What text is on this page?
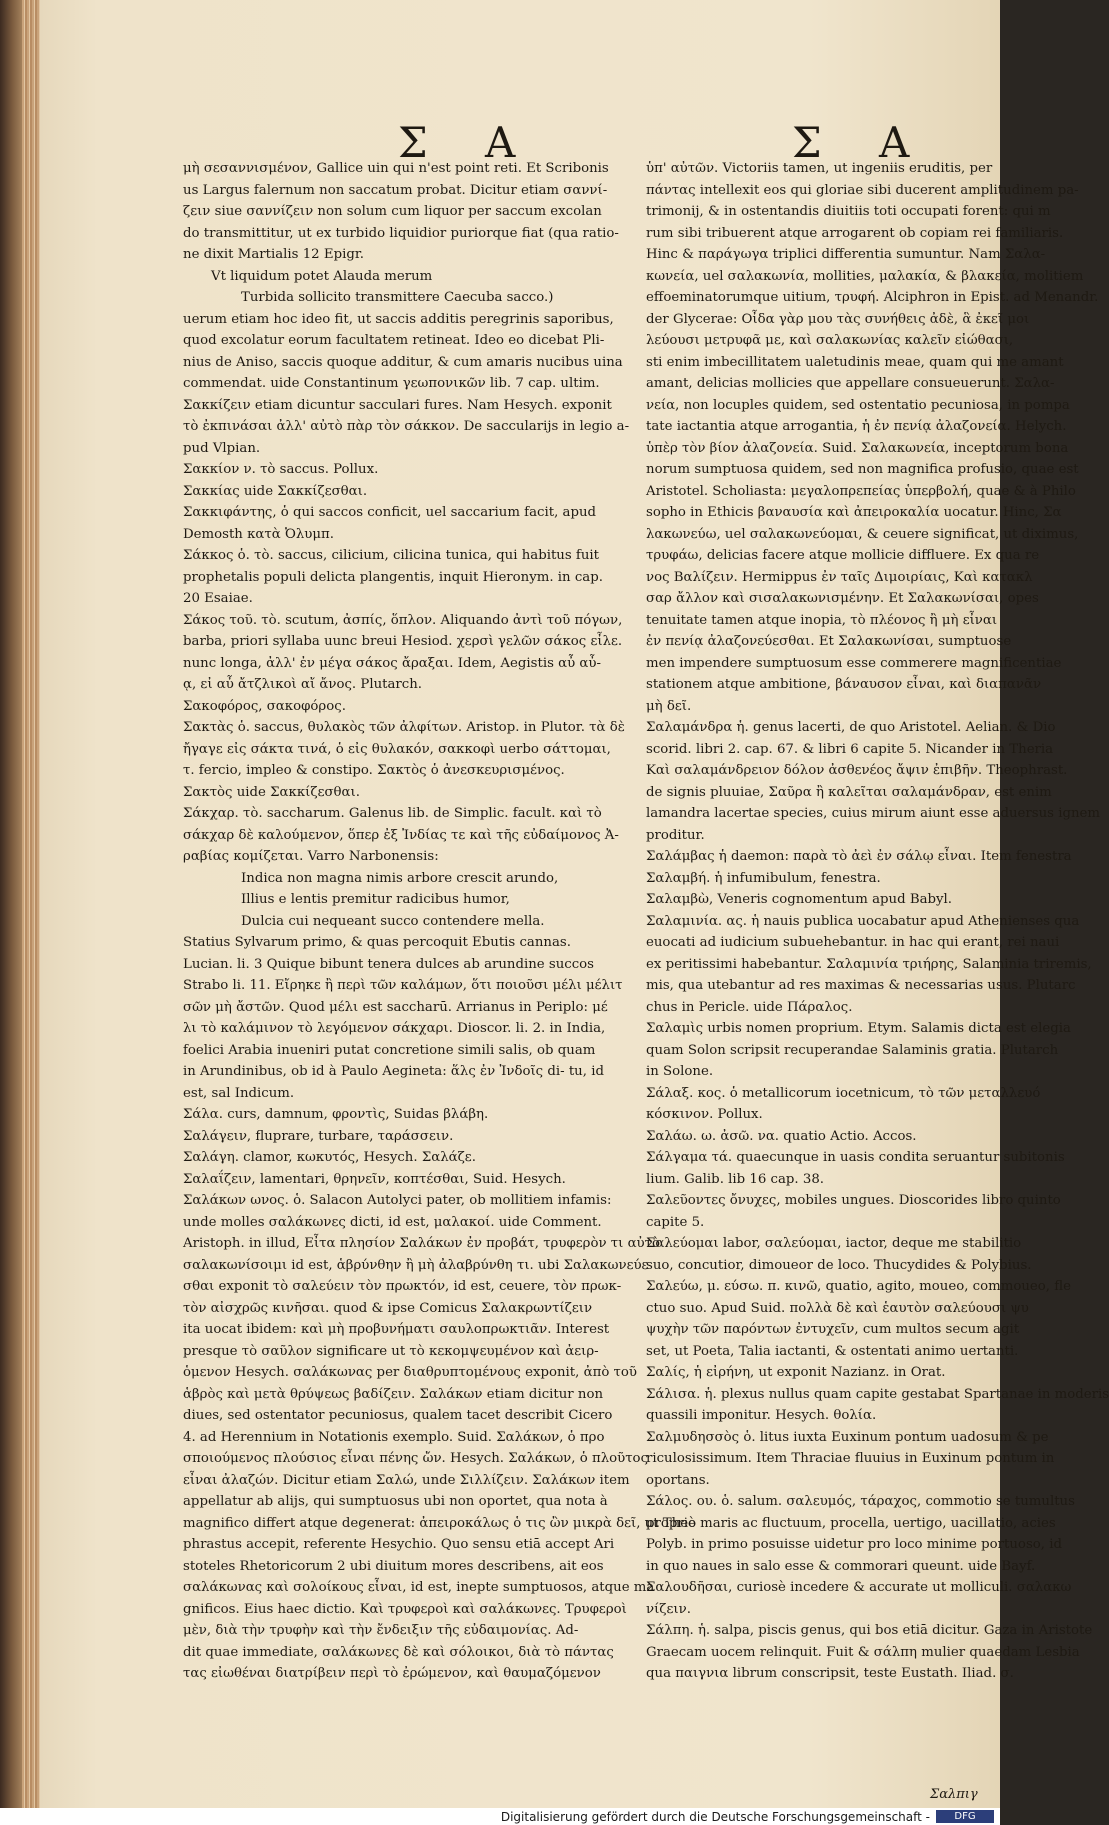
Σ Α	Σ Α

μὴ σεσαννισμένον, Gallice uin qui n'est point reti. Et Scribonis

us Largus falernum non saccatum probat. Dicitur etiam σαννί-

ζειν siue σαννίζειν non solum cum liquor per saccum excolan

do transmittitur, ut ex turbido liquidior puriorque fiat (qua ratio-

ne dixit Martialis 12 Epigr.

Vt liquidum potet Alauda merum

Turbida sollicito transmittere Caecuba sacco.)

uerum etiam hoc ideo fit, ut saccis additis peregrinis saporibus,

quod excolatur eorum facultatem retineat. Ideo eo dicebat Pli-

nius de Aniso, saccis quoque additur, & cum amaris nucibus uina

commendat. uide Constantinum γεωπονικῶν lib. 7 cap. ultim.

Σακκίζειν etiam dicuntur sacculari fures. Nam Hesych. exponit

τὸ ἐκπινάσαι ἀλλ' αὐτὸ πὰρ τὸν σάκκον. De saccularijs in legio a-

pud Vlpian.

Σακκίον ν. τὸ saccus. Pollux.

Σακκίας uide Σακκίζεσθαι.

Σακκιφάντης, ὁ qui saccos conficit, uel saccarium facit, apud

Demosth κατὰ Ὀλυμπ.

Σάκκος ὁ. τὸ. saccus, cilicium, cilicina tunica, qui habitus fuit

prophetalis populi delicta plangentis, inquit Hieronym. in cap.

20 Esaiae.

Σάκος τοῦ. τὸ. scutum, ἀσπίς, ὅπλον. Aliquando ἀντὶ τοῦ πόγων,

barba, priori syllaba uunc breui Hesiod. χερσὶ γελῶν σάκος εἶλε.

nunc longa, ἀλλ' ἐν μέγα σάκος ἄραξαι. Idem, Aegistis αὖ αὖ-

ᾳ, εἰ αὖ ἄτζλικοὶ αἴ ἄνος. Plutarch.

Σακοφόρος, σακοφόρος.

Σακτὰς ὁ. saccus, θυλακὸς τῶν ἀλφίτων. Aristop. in Plutor. τὰ δὲ

ἤγαγε εἰς σάκτα τινά, ὁ εἰς θυλακόν, σακκοφὶ uerbo σάττομαι,

τ. fercio, impleo & constipo. Σακτὸς ὁ ἀνεσκευρισμένος.

Σακτὸς uide Σακκίζεσθαι.

Σάκχαρ. τὸ. saccharum. Galenus lib. de Simplic. facult. καὶ τὸ

σάκχαρ δὲ καλούμενον, ὅπερ ἐξ Ἰνδίας τε καὶ τῆς εὐδαίμονος Ἀ-

ραβίας κομίζεται. Varro Narbonensis:

Indica non magna nimis arbore crescit arundo,

Illius e lentis premitur radicibus humor,

Dulcia cui nequeant succo contendere mella.

Statius Sylvarum primo, & quas percoquit Ebutis cannas.

Lucian. li. 3 Quique bibunt tenera dulces ab arundine succos

Strabo li. 11. Εἴρηκε ἢ περὶ τῶν καλάμων, ὅτι ποιοῦσι μέλι μέλιτ

σῶν μὴ ἄστῶν. Quod μέλι est saccharū. Arrianus in Periplo: μέ

λι τὸ καλάμινον τὸ λεγόμενον σάκχαρι. Dioscor. li. 2. in India,

foelici Arabia inueniri putat concretione simili salis, ob quam

in Arundinibus, ob id à Paulo Aegineta: ἅλς ἐν Ἰνδοῖς di- tu, id

est, sal Indicum.

Σάλα. curs, damnum, φροντὶς, Suidas βλάβη.

Σαλάγειν, fluprare, turbare, ταράσσειν.

Σαλάγη. clamor, κωκυτός, Hesych. Σαλάζε.

Σαλαΐζειν, lamentari, θρηνεῖν, κοπτέσθαι, Suid. Hesych.

Σαλάκων ωνος. ὁ. Salacon Autolyci pater, ob mollitiem infamis:

unde molles σαλάκωνες dicti, id est, μαλακοί. uide Comment.

Aristoph. in illud, Εἶτα πλησίον Σαλάκων ἐν προβάτ, τρυφερὸν τι αὐτὸ

σαλακωνίσοιμι id est, ἁβρύνθην ἢ μὴ ἀλαβρύνθη τι. ubi Σαλακωνεύε

σθαι exponit τὸ σαλεύειν τὸν πρωκτόν, id est, ceuere, τὸν πρωκ-

τὸν αἰσχρῶς κινῆσαι. quod & ipse Comicus Σαλακρωντίζειν

ita uocat ibidem: καὶ μὴ προβυνήματι σαυλοπρωκτιᾶν. Interest

presque τὸ σαῦλον significare ut τὸ κεκομψευμένον καὶ ἀειρ-

ὁμενον Hesych. σαλάκωνας per διαθρυπτομένους exponit, ἀπὸ τοῦ

ἁβρὸς καὶ μετὰ θρύψεως βαδίζειν. Σαλάκων etiam dicitur non

diues, sed ostentator pecuniosus, qualem tacet describit Cicero

4. ad Herennium in Notationis exemplo. Suid. Σαλάκων, ὁ προ

σποιούμενος πλούσιος εἶναι πένης ὤν. Hesych. Σαλάκων, ὁ πλοῦτος

εἶναι ἀλαζών. Dicitur etiam Σαλώ, unde Σιλλίζειν. Σαλάκων item

appellatur ab alijs, qui sumptuosus ubi non oportet, qua nota à

magnifico differt atque degenerat: ἀπειροκάλως ὁ τις ὢν μικρὰ δεῖ, ut Theo

phrastus accepit, referente Hesychio. Quo sensu etiā accept Ari

stoteles Rhetoricorum 2 ubi diuitum mores describens, ait eos

σαλάκωνας καὶ σολοίκους εἶναι, id est, inepte sumptuosos, atque ma

gnificos. Eius haec dictio. Καὶ τρυφεροὶ καὶ σαλάκωνες. Τρυφεροὶ

μὲν, διὰ τὴν τρυφὴν καὶ τὴν ἔνδειξιν τῆς εὐδαιμονίας. Ad-

dit quae immediate, σαλάκωνες δὲ καὶ σόλοικοι, διὰ τὸ πάντας

τας εἰωθέναι διατρίβειν περὶ τὸ ἐρώμενον, καὶ θαυμαζόμενον

ὑπ' αὐτῶν. Victoriis tamen, ut ingeniis eruditis, per

πάντας intellexit eos qui gloriae sibi ducerent amplitudinem pa-

trimonij, & in ostentandis diuitiis toti occupati forent: qui m

rum sibi tribuerent atque arrogarent ob copiam rei familiaris.

Hinc & παράγωγα triplici differentia sumuntur. Nam Σαλα-

κωνεία, uel σαλακωνία, mollities, μαλακία, & βλακεία, molitiem

effoeminatorumque uitium, τρυφή. Alciphron in Epist. ad Menandr.

der Glycerae: Οἶδα γὰρ μου τὰς συνήθεις ἀδὲ, ἃ ἐκεῖ μοι

λεύουσι μετρυφᾶ με, καὶ σαλακωνίας καλεῖν εἰώθασι,

sti enim imbecillitatem ualetudinis meae, quam qui me amant

amant, delicias mollicies que appellare consueuerunt. Σαλα-

νεία, non locuples quidem, sed ostentatio pecuniosa, in pompa

tate iactantia atque arrogantia, ἡ ἐν πενίᾳ ἀλαζονεία. Helych.

ὑπὲρ τὸν βίον ἀλαζονεία. Suid. Σαλακωνεία, inceptorum bona

norum sumptuosa quidem, sed non magnifica profusio, quae est

Aristotel. Scholiasta: μεγαλοπρεπείας ὑπερβολή, quae & à Philo

sopho in Ethicis βαναυσία καὶ ἀπειροκαλία uocatur. Hinc, Σα

λακωνεύω, uel σαλακωνεύομαι, & ceuere significat, ut diximus,

τρυφάω, delicias facere atque mollicie diffluere. Ex qua re

νος Βαλίζειν. Hermippus ἐν ταῖς Διμοιρίαις, Καὶ κατακλ

σαρ ἄλλον καὶ σισαλακωνισμένην. Et Σαλακωνίσαι, opes

tenuitate tamen atque inopia, τὸ πλέονος ἢ μὴ εἶναι

ἐν πενίᾳ ἀλαζονεύεσθαι. Et Σαλακωνίσαι, sumptuose

men impendere sumptuosum esse commerere magnificentiae

stationem atque ambitione, βάναυσον εἶναι, καὶ διαπανᾶν

μὴ δεῖ.

Σαλαμάνδρα ἡ. genus lacerti, de quo Aristotel. Aelian. & Dio

scorid. libri 2. cap. 67. & libri 6 capite 5. Nicander in Theria

Καὶ σαλαμάνδρειον δόλον ἀσθενέος ἄψιν ἐπιβῆν. Theophrast.

de signis pluuiae, Σαῦρα ἢ καλεῖται σαλαμάνδραν, est enim

lamandra lacertae species, cuius mirum aiunt esse aduersus ignem

proditur.

Σαλάμβας ἡ daemon: παρὰ τὸ ἀεὶ ἐν σάλῳ εἶναι. Item fenestra

Σαλαμβή. ἡ infumibulum, fenestra.

Σαλαμβὼ, Veneris cognomentum apud Babyl.

Σαλαμινία. ας. ἡ nauis publica uocabatur apud Athenienses qua

euocati ad iudicium subuehebantur. in hac qui erant, rei naui

ex peritissimi habebantur. Σαλαμινία τριήρης, Salaminia triremis,

mis, qua utebantur ad res maximas & necessarias usus. Plutarc

chus in Pericle. uide Πάραλος.

Σαλαμὶς urbis nomen proprium. Etym. Salamis dicta est elegia

quam Solon scripsit recuperandae Salaminis gratia. Plutarch

in Solone.

Σάλαξ. κος. ὁ metallicorum iocetnicum, τὸ τῶν μεταλλευό

κόσκινον. Pollux.

Σαλάω. ω. ἀσῶ. να. quatio Actio. Accos.

Σάλγαμα τά. quaecunque in uasis condita seruantur subitonis

lium. Galib. lib 16 cap. 38.

Σαλεῦοντες ὄνυχες, mobiles ungues. Dioscorides libro quinto

capite 5.

Σαλεύομαι labor, σαλεύομαι, iactor, deque me stabilitio

suo, concutior, dimoueor de loco. Thucydides & Polybius.

Σαλεύω, μ. εύσω. π. κινῶ, quatio, agito, moueo, commoueo, fle

ctuo suo. Apud Suid. πολλὰ δὲ καὶ ἑαυτὸν σαλεύουσι ψυ

ψυχὴν τῶν παρόντων ἐντυχεῖν, cum multos secum agit

set, ut Poeta, Talia iactanti, & ostentati animo uertanti.

Σαλίς, ἡ εἰρήνη, ut exponit Nazianz. in Orat.

Σάλισα. ἡ. plexus nullus quam capite gestabat Spartanae in moderis

quassili imponitur. Hesych. θολία.

Σαλμυδησσὸς ὁ. litus iuxta Euxinum pontum uadosum & pe

riculosissimum. Item Thraciae fluuius in Euxinum pontum in

oportans.

Σάλος. ου. ὁ. salum. σαλευμός, τάραχος, commotio se tumultus

propriè maris ac fluctuum, procella, uertigo, uacillatio, acies

Polyb. in primo posuisse uidetur pro loco minime portuoso, id

in quo naues in salo esse & commorari queunt. uide Bayf.

Σαλουδῆσαι, curiosè incedere & accurate ut molliculi. σαλακω

νίζειν.

Σάλπη. ἡ. salpa, piscis genus, qui bos etiā dicitur. Gaza in Aristote

Graecam uocem relinquit. Fuit & σάλπη mulier quaedam Lesbia

qua παιγνια librum conscripsit, teste Eustath. Iliad. σ.

Σαλπιγ
Digitalisierung gefördert durch die Deutsche Forschungsgemeinschaft -	DFG
